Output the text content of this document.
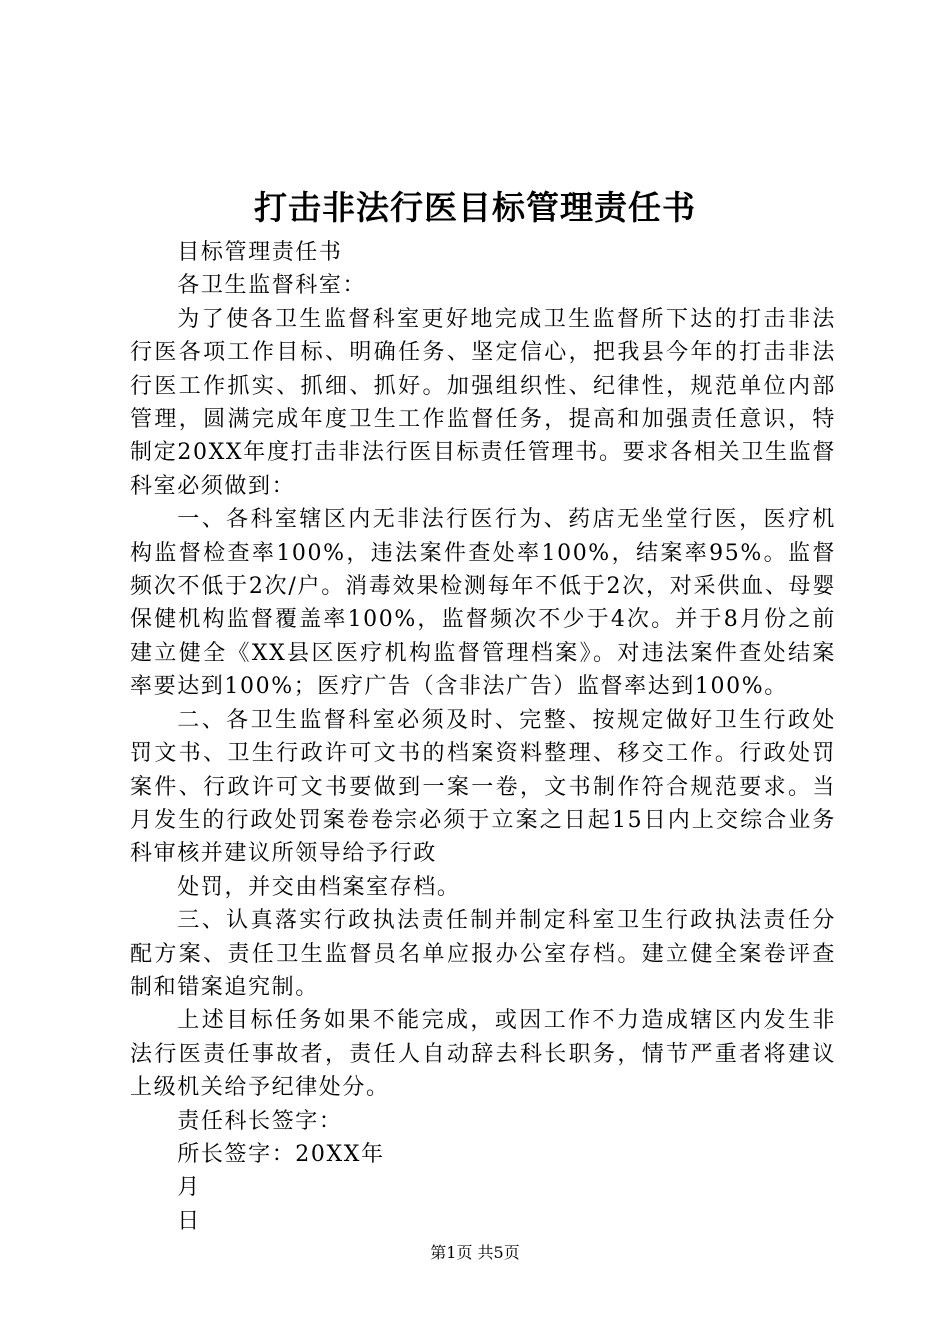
打击非法行医目标管理责任书

目标管理责任书

各卫生监督科室：

为了使各卫生监督科室更好地完成卫生监督所下达的打击非法行医各项工作目标、明确任务、坚定信心，把我县今年的打击非法行医工作抓实、抓细、抓好。加强组织性、纪律性，规范单位内部管理，圆满完成年度卫生工作监督任务，提高和加强责任意识，特制定20XX年度打击非法行医目标责任管理书。要求各相关卫生监督科室必须做到：

一、各科室辖区内无非法行医行为、药店无坐堂行医，医疗机构监督检查率100%，违法案件查处率100%，结案率95%。监督频次不低于2次/户。消毒效果检测每年不低于2次，对采供血、母婴保健机构监督覆盖率100%，监督频次不少于4次。并于8月份之前建立健全《XX县区医疗机构监督管理档案》。对违法案件查处结案率要达到100%；医疗广告（含非法广告）监督率达到100%。

二、各卫生监督科室必须及时、完整、按规定做好卫生行政处罚文书、卫生行政许可文书的档案资料整理、移交工作。行政处罚案件、行政许可文书要做到一案一卷，文书制作符合规范要求。当月发生的行政处罚案卷卷宗必须于立案之日起15日内上交综合业务科审核并建议所领导给予行政

处罚，并交由档案室存档。

三、认真落实行政执法责任制并制定科室卫生行政执法责任分配方案、责任卫生监督员名单应报办公室存档。建立健全案卷评查制和错案追究制。

上述目标任务如果不能完成，或因工作不力造成辖区内发生非法行医责任事故者，责任人自动辞去科长职务，情节严重者将建议上级机关给予纪律处分。

责任科长签字：

所长签字：20XX年

月

日

第1页 共5页
